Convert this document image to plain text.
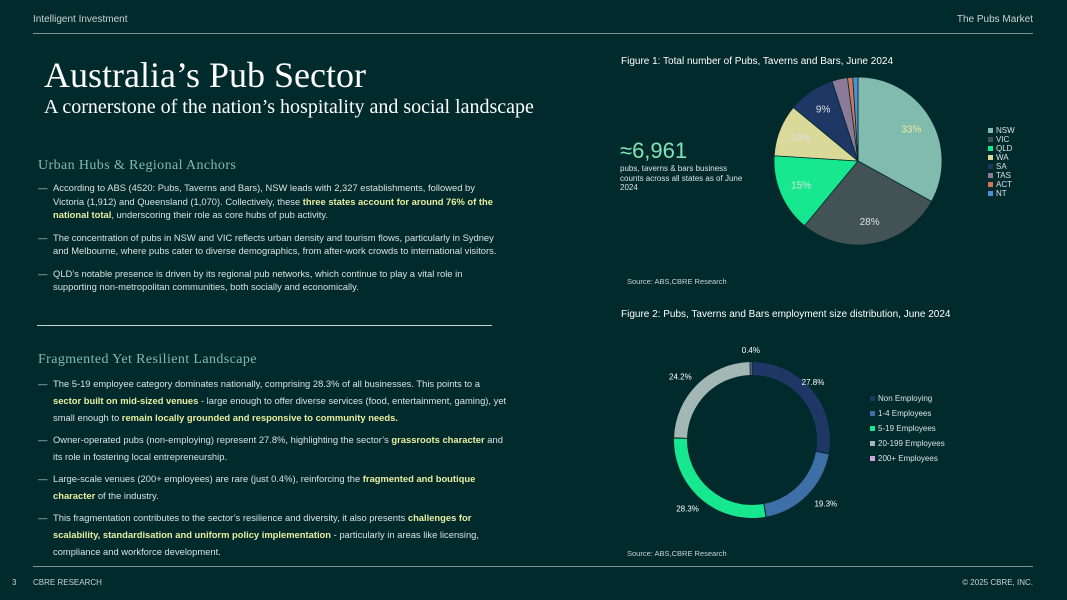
Intelligent Investment	The Pubs Market
Australia’s Pub Sector
A cornerstone of the nation’s hospitality and social landscape
Urban Hubs & Regional Anchors
— According to ABS (4520: Pubs, Taverns and Bars), NSW leads with 2,327 establishments, followed by Victoria (1,912) and Queensland (1,070). Collectively, these three states account for around 76% of the national total, underscoring their role as core hubs of pub activity.
— The concentration of pubs in NSW and VIC reflects urban density and tourism flows, particularly in Sydney and Melbourne, where pubs cater to diverse demographics, from after-work crowds to international visitors.
— QLD’s notable presence is driven by its regional pub networks, which continue to play a vital role in supporting non-metropolitan communities, both socially and economically.
Fragmented Yet Resilient Landscape
— The 5-19 employee category dominates nationally, comprising 28.3% of all businesses. This points to a sector built on mid-sized venues - large enough to offer diverse services (food, entertainment, gaming), yet small enough to remain locally grounded and responsive to community needs.
— Owner-operated pubs (non-employing) represent 27.8%, highlighting the sector’s grassroots character and its role in fostering local entrepreneurship.
— Large-scale venues (200+ employees) are rare (just 0.4%), reinforcing the fragmented and boutique character of the industry.
— This fragmentation contributes to the sector’s resilience and diversity, it also presents challenges for scalability, standardisation and uniform policy implementation - particularly in areas like licensing, compliance and workforce development.
Figure 1: Total number of Pubs, Taverns and Bars, June 2024
≈6,961
pubs, taverns & bars business counts across all states as of June 2024
33%
28%
15%
10%
9%
NSW
VIC
QLD
WA
SA
TAS
ACT
NT
Source: ABS,CBRE Research
Figure 2: Pubs, Taverns and Bars employment size distribution, June 2024
27.8%
19.3%
28.3%
24.2%
0.4%
Non Employing
1-4 Employees
5-19 Employees
20-199 Employees
200+ Employees
Source: ABS,CBRE Research
3 CBRE RESEARCH	© 2025 CBRE, INC.
